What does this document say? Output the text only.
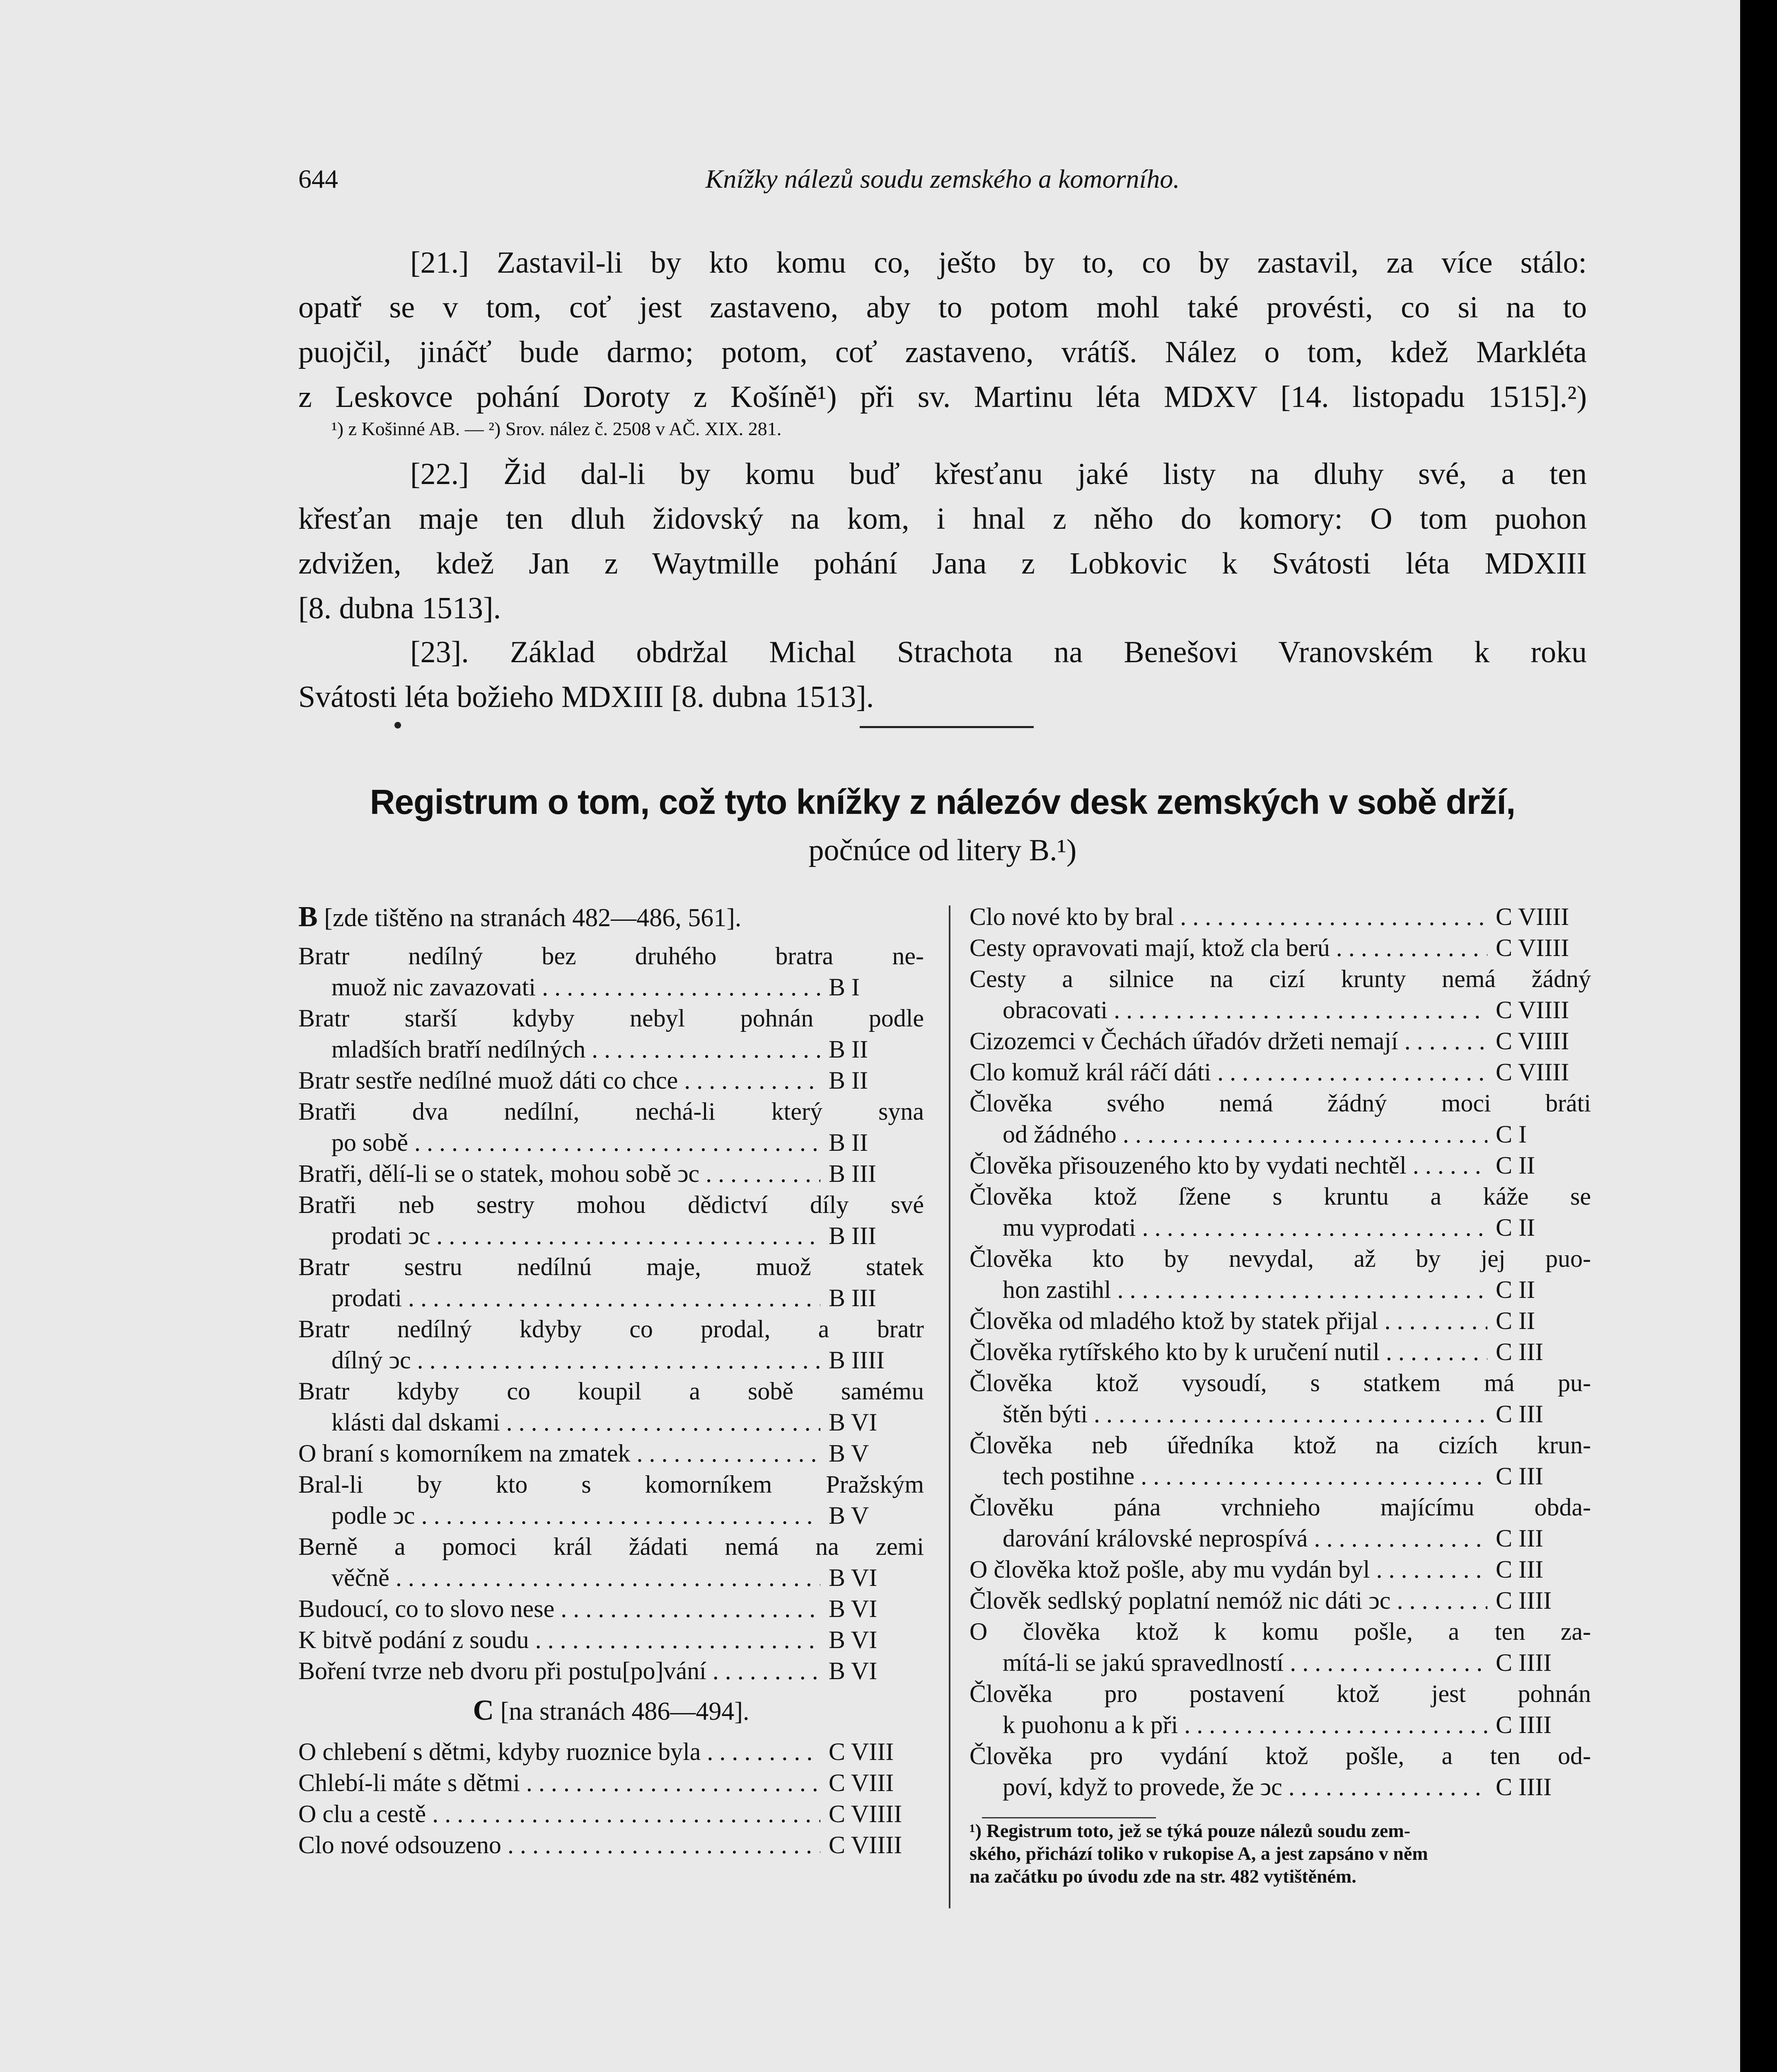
644	Knížky nálezů soudu zemského a komorního.
[21.] Zastavil-li by kto komu co, ješto by to, co by zastavil, za více stálo:
opatř se v tom, coť jest zastaveno, aby to potom mohl také provésti, co si na to
puojčil, jináčť bude darmo; potom, coť zastaveno, vrátíš. Nález o tom, kdež Markléta
z Leskovce pohání Doroty z Košíně¹) při sv. Martinu léta MDXV [14. listopadu 1515].²)
¹) z Košinné AB. — ²) Srov. nález č. 2508 v AČ. XIX. 281.
[22.] Žid dal-li by komu buď křesťanu jaké listy na dluhy své, a ten
křesťan maje ten dluh židovský na kom, i hnal z něho do komory: O tom puohon
zdvižen, kdež Jan z Waytmille pohání Jana z Lobkovic k Svátosti léta MDXIII
[8. dubna 1513].
[23]. Základ obdržal Michal Strachota na Benešovi Vranovském k roku
Svátosti léta božieho MDXIII [8. dubna 1513].
Registrum o tom, což tyto knížky z nálezóv desk zemských v sobě drží,
počnúce od litery B.¹)
B [zde tištěno na stranách 482—486, 561].
Bratr nedílný bez druhého bratra ne-
muož nic zavazovati . . .	B I
Bratr starší kdyby nebyl pohnán podle
mladších bratří nedílných . . .	B II
Bratr sestře nedílné muož dáti co chce . . .	B II
Bratři dva nedílní, nechá-li který syna
po sobě . . .	B II
Bratři, dělí-li se o statek, mohou sobě ͻc . . .	B III
Bratři neb sestry mohou dědictví díly své
prodati ͻc . . .	B III
Bratr sestru nedílnú maje, muož statek
prodati . . .	B III
Bratr nedílný kdyby co prodal, a bratr
dílný ͻc . . .	B IIII
Bratr kdyby co koupil a sobě samému
klásti dal dskami . . .	B VI
O braní s komorníkem na zmatek . . .	B V
Bral-li by kto s komorníkem Pražským
podle ͻc . . .	B V
Berně a pomoci král žádati nemá na zemi
věčně . . .	B VI
Budoucí, co to slovo nese . . .	B VI
K bitvě podání z soudu . . .	B VI
Boření tvrze neb dvoru při postu[po]vání . . .	B VI
C [na stranách 486—494].
O chlebení s dětmi, kdyby ruoznice byla . . .	C VIII
Chlebí-li máte s dětmi . . .	C VIII
O clu a cestě . . .	C VIIII
Clo nové odsouzeno . . .	C VIIII
Clo nové kto by bral . . .	C VIIII
Cesty opravovati mají, ktož cla berú . . .	C VIIII
Cesty a silnice na cizí krunty nemá žádný
obracovati . . .	C VIIII
Cizozemci v Čechách úřadóv držeti nemají . . .	C VIIII
Clo komuž král ráčí dáti . . .	C VIIII
Člověka svého nemá žádný moci bráti
od žádného . . .	C I
Člověka přisouzeného kto by vydati nechtěl . . .	C II
Člověka ktož ſžene s kruntu a káže se
mu vyprodati . . .	C II
Člověka kto by nevydal, až by jej puo-
hon zastihl . . .	C II
Člověka od mladého ktož by statek přijal . . .	C II
Člověka rytířského kto by k uručení nutil . . .	C III
Člověka ktož vysoudí, s statkem má pu-
štěn býti . . .	C III
Člověka neb úředníka ktož na cizích krun-
tech postihne . . .	C III
Člověku pána vrchnieho majícímu obda-
darování královské neprospívá . . .	C III
O člověka ktož pošle, aby mu vydán byl . . .	C III
Člověk sedlský poplatní nemóž nic dáti ͻc . . .	C IIII
O člověka ktož k komu pošle, a ten za-
mítá-li se jakú spravedlností . . .	C IIII
Člověka pro postavení ktož jest pohnán
k puohonu a k při . . .	C IIII
Člověka pro vydání ktož pošle, a ten od-
poví, když to provede, že ͻc . . .	C IIII
¹) Registrum toto, jež se týká pouze nálezů soudu zem-
ského, přichází toliko v rukopise A, a jest zapsáno v něm
na začátku po úvodu zde na str. 482 vytištěném.
